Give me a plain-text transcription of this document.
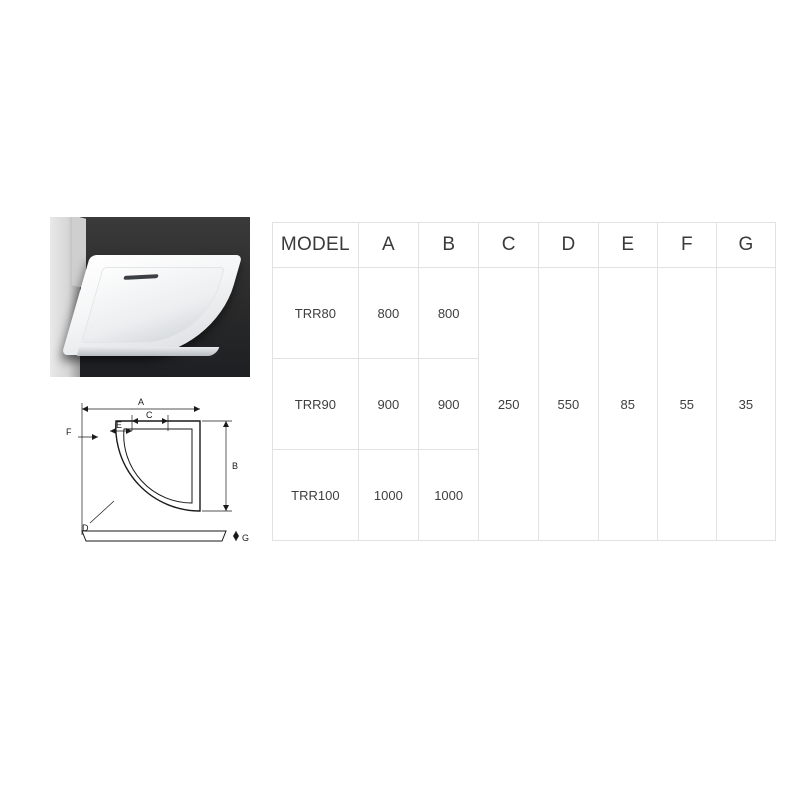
A
B
C
D
E
F
G
MODEL	A	B	C	D	E	F	G
TRR80	800	800	250	550	85	55	35
TRR90	900	900					
TRR100	1000	1000					
